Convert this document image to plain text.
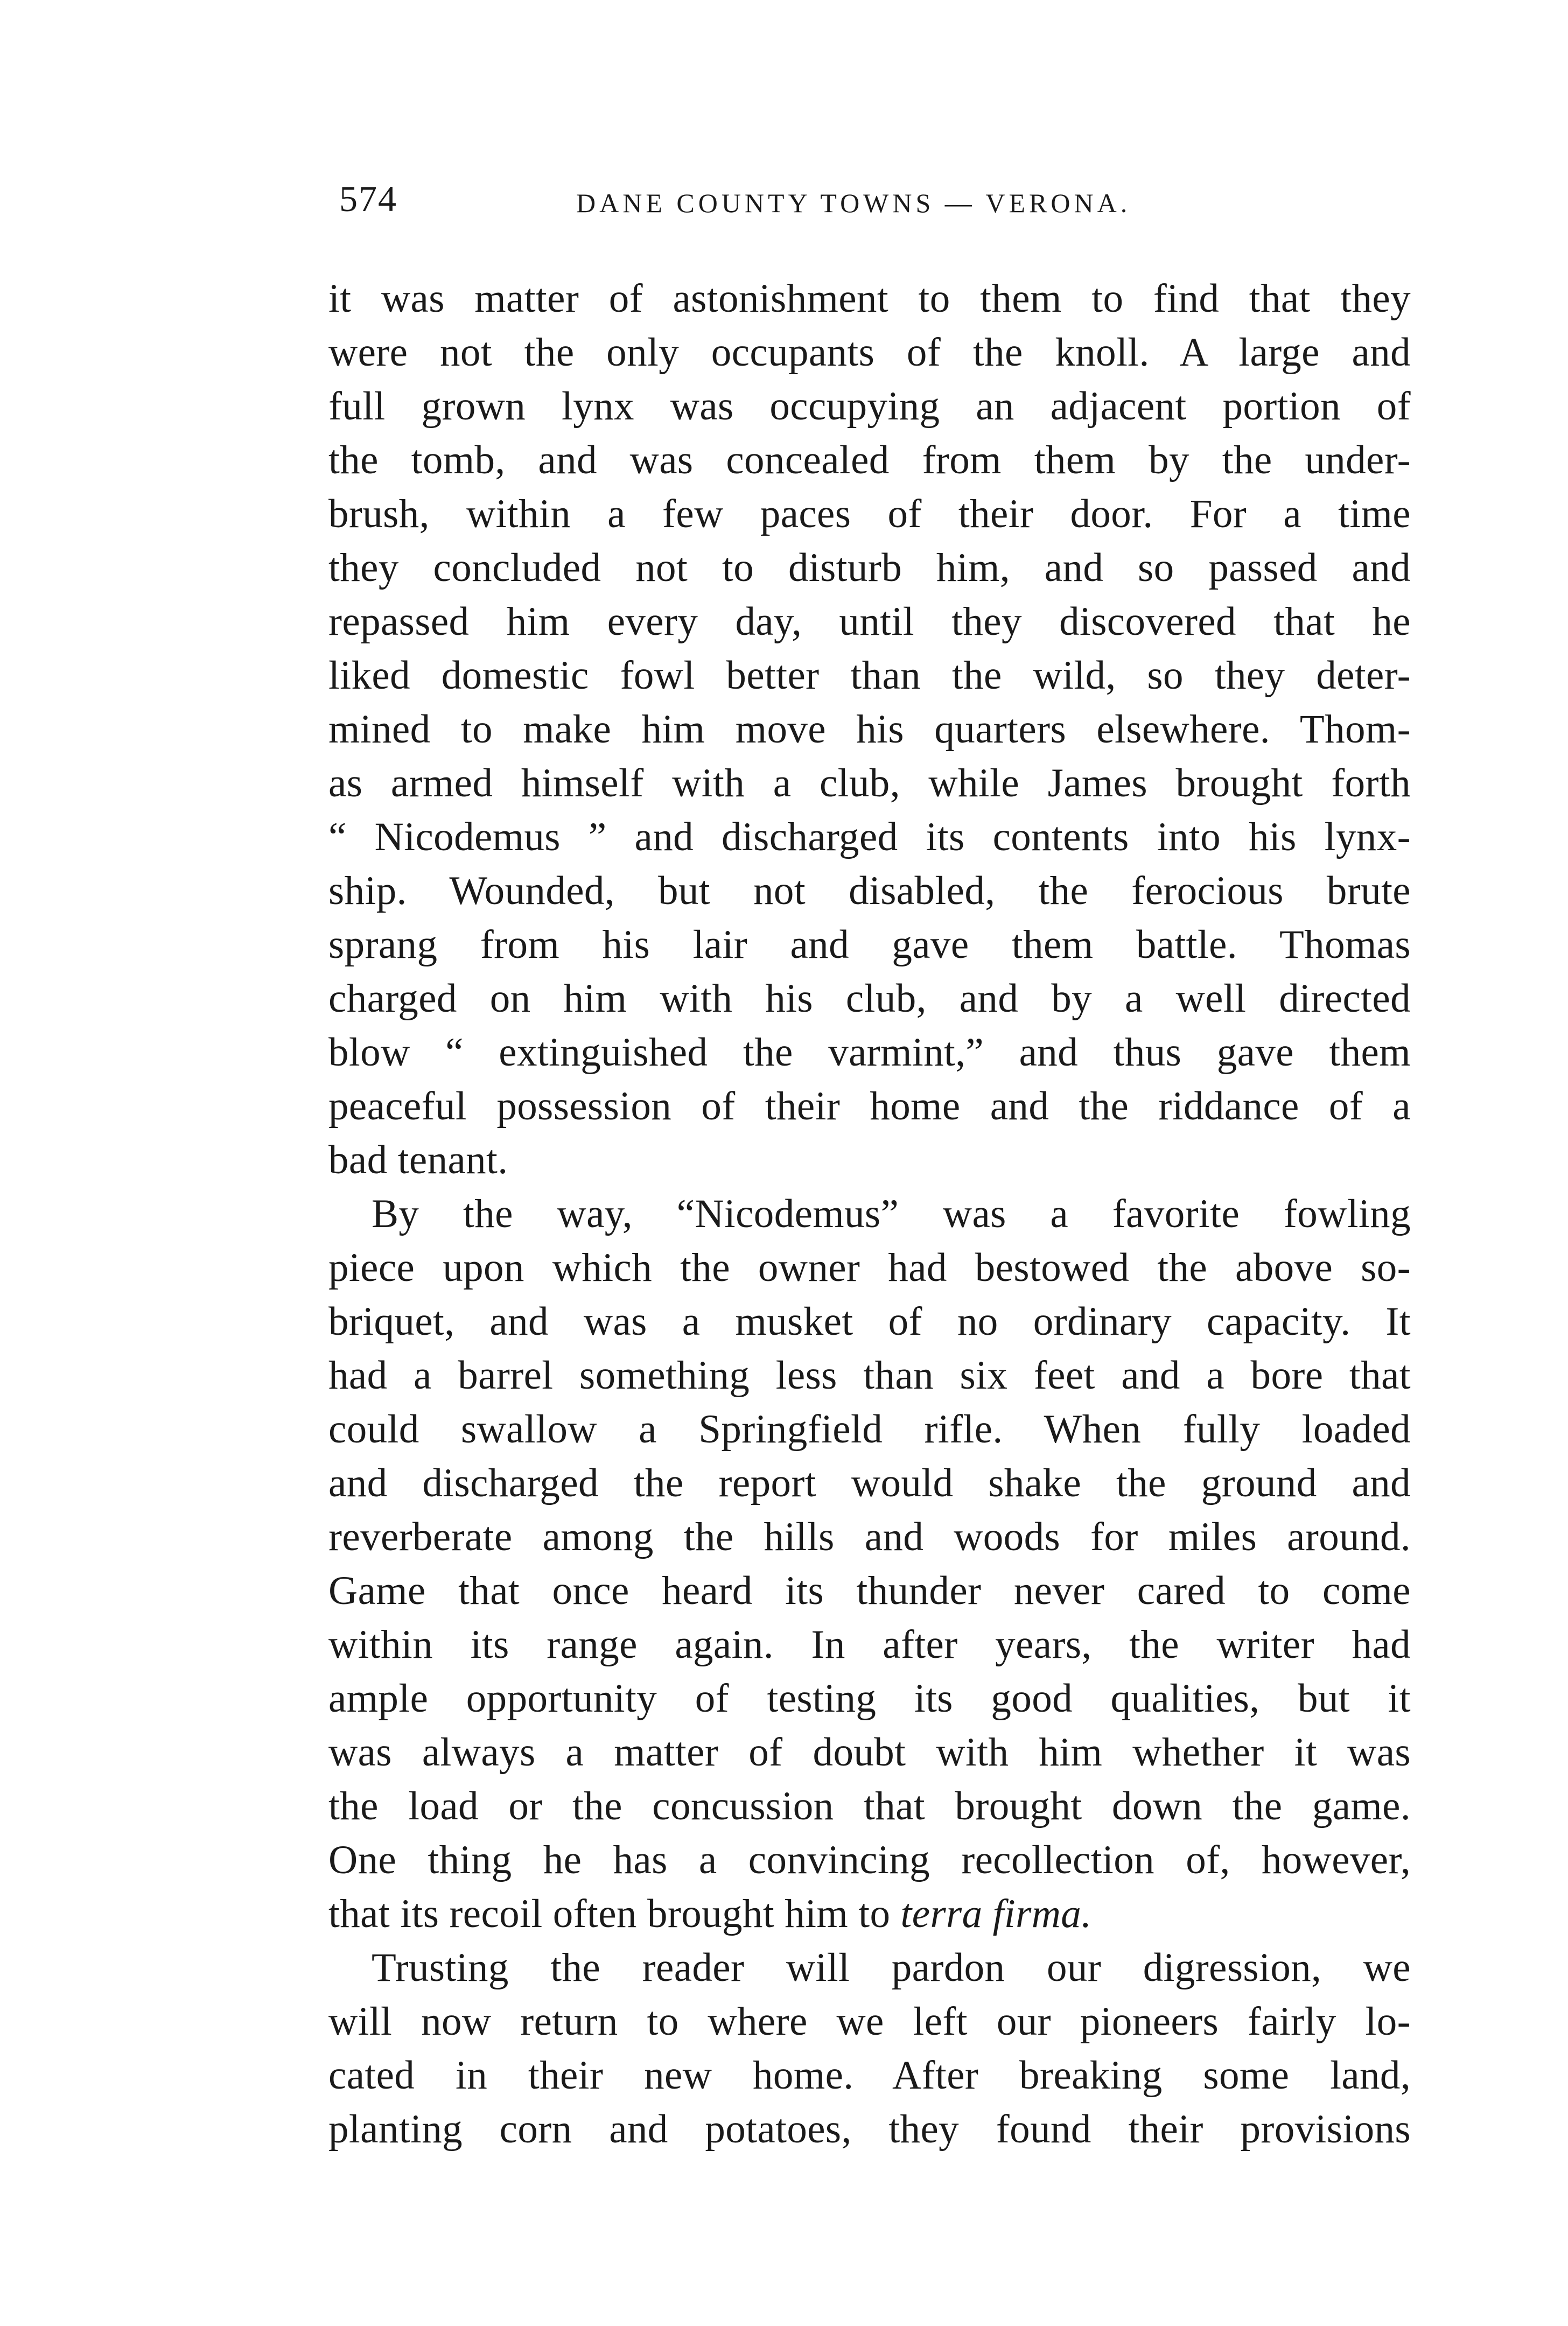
574	DANE COUNTY TOWNS — VERONA.
it was matter of astonishment to them to find that they
were not the only occupants of the knoll. A large and
full grown lynx was occupying an adjacent portion of
the tomb, and was concealed from them by the under-
brush, within a few paces of their door. For a time
they concluded not to disturb him, and so passed and
repassed him every day, until they discovered that he
liked domestic fowl better than the wild, so they deter-
mined to make him move his quarters elsewhere. Thom-
as armed himself with a club, while James brought forth
“ Nicodemus ” and discharged its contents into his lynx-
ship. Wounded, but not disabled, the ferocious brute
sprang from his lair and gave them battle. Thomas
charged on him with his club, and by a well directed
blow “ extinguished the varmint,” and thus gave them
peaceful possession of their home and the riddance of a
bad tenant.
By the way, “Nicodemus” was a favorite fowling
piece upon which the owner had bestowed the above so-
briquet, and was a musket of no ordinary capacity. It
had a barrel something less than six feet and a bore that
could swallow a Springfield rifle. When fully loaded
and discharged the report would shake the ground and
reverberate among the hills and woods for miles around.
Game that once heard its thunder never cared to come
within its range again. In after years, the writer had
ample opportunity of testing its good qualities, but it
was always a matter of doubt with him whether it was
the load or the concussion that brought down the game.
One thing he has a convincing recollection of, however,
that its recoil often brought him to terra firma.
Trusting the reader will pardon our digression, we
will now return to where we left our pioneers fairly lo-
cated in their new home. After breaking some land,
planting corn and potatoes, they found their provisions
